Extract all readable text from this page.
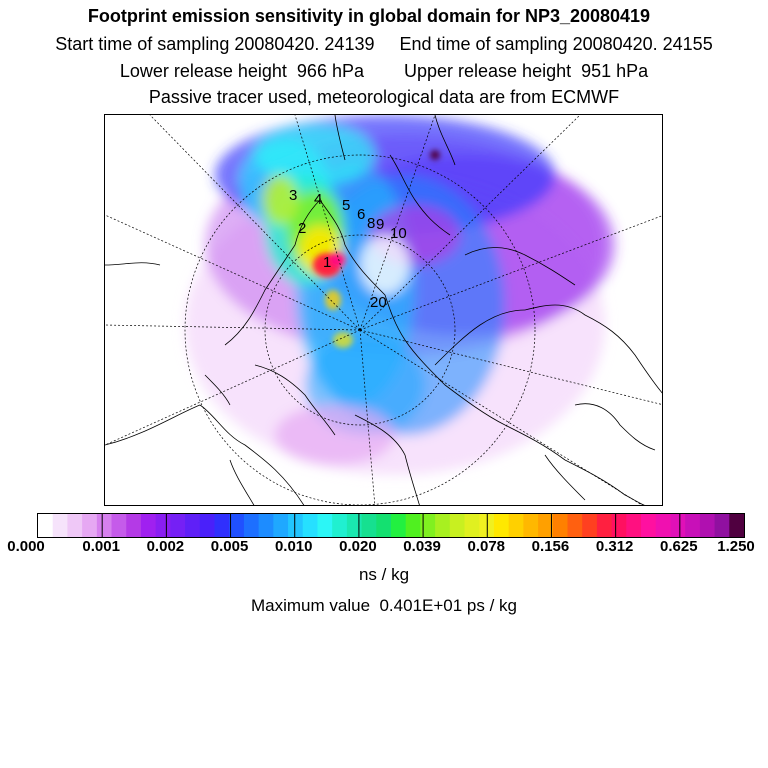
Footprint emission sensitivity in global domain for NP3_20080419
Start time of sampling 20080420. 24139     End time of sampling 20080420. 24155
Lower release height  966 hPa        Upper release height  951 hPa
Passive tracer used, meteorological data are from ECMWF
3 4 5
6
8 9
10
2
1
20
0.000	0.001 0.002 0.005 0.010 0.020 0.039 0.078 0.156 0.312 0.625 1.250
ns / kg
Maximum value  0.401E+01 ps / kg
